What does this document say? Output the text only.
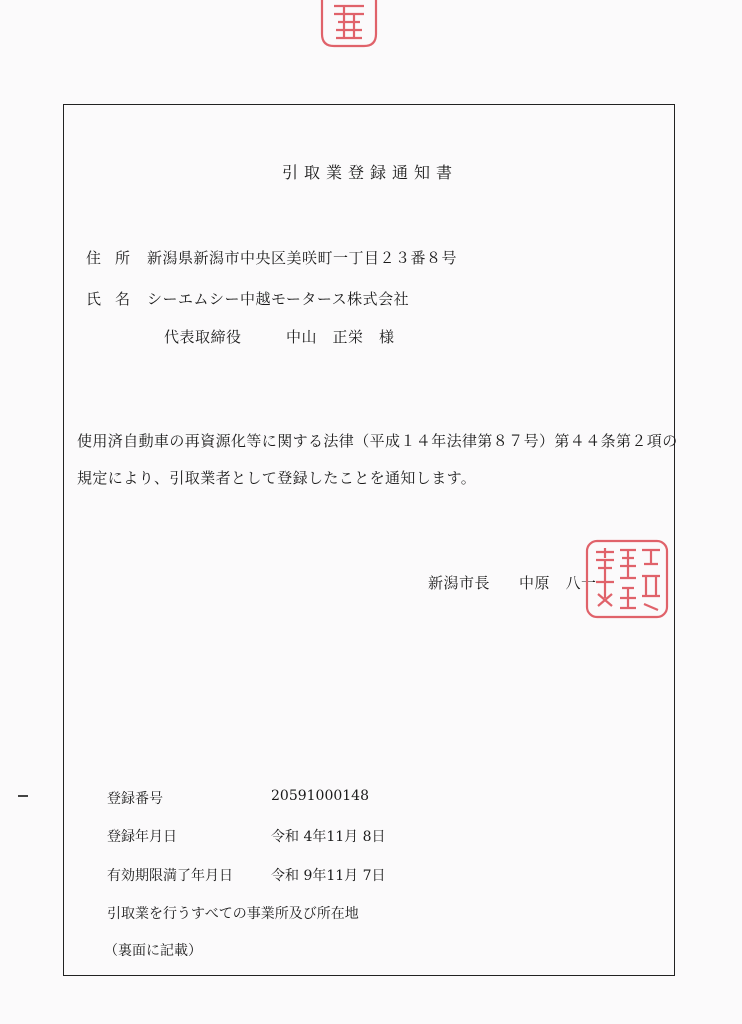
引取業登録通知書
住所 新潟県新潟市中央区美咲町一丁目２３番８号
氏名 シーエムシー中越モータース株式会社
代表取締役	中山　正栄　様
使用済自動車の再資源化等に関する法律（平成１４年法律第８７号）第４４条第２項の
規定により、引取業者として登録したことを通知します。
新潟市長 中原　八一
登録番号	20591000148
登録年月日	令和 4年11月 8日
有効期限満了年月日	令和 9年11月 7日
引取業を行うすべての事業所及び所在地
（裏面に記載）
